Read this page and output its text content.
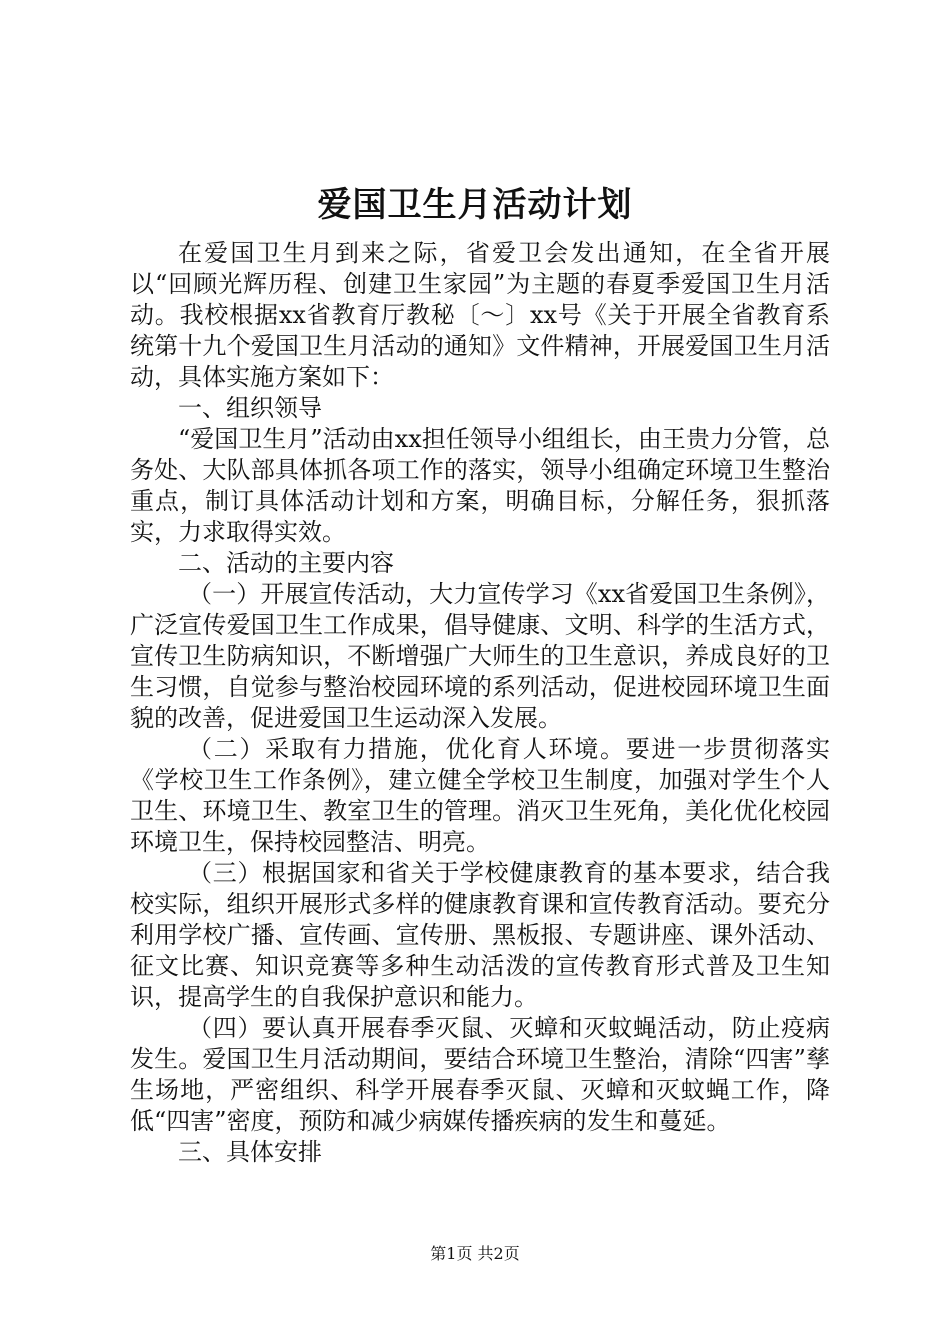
爱国卫生月活动计划

在爱国卫生月到来之际，省爱卫会发出通知，在全省开展以“回顾光辉历程、创建卫生家园”为主题的春夏季爱国卫生月活动。我校根据xx省教育厅教秘〔～〕xx号《关于开展全省教育系统第十九个爱国卫生月活动的通知》文件精神，开展爱国卫生月活动，具体实施方案如下：

一、组织领导

“爱国卫生月”活动由xx担任领导小组组长，由王贵力分管，总务处、大队部具体抓各项工作的落实，领导小组确定环境卫生整治重点，制订具体活动计划和方案，明确目标，分解任务，狠抓落实，力求取得实效。

二、活动的主要内容

（一）开展宣传活动，大力宣传学习《xx省爱国卫生条例》，广泛宣传爱国卫生工作成果，倡导健康、文明、科学的生活方式，宣传卫生防病知识，不断增强广大师生的卫生意识，养成良好的卫生习惯，自觉参与整治校园环境的系列活动，促进校园环境卫生面貌的改善，促进爱国卫生运动深入发展。

（二）采取有力措施，优化育人环境。要进一步贯彻落实《学校卫生工作条例》，建立健全学校卫生制度，加强对学生个人卫生、环境卫生、教室卫生的管理。消灭卫生死角，美化优化校园环境卫生，保持校园整洁、明亮。

（三）根据国家和省关于学校健康教育的基本要求，结合我校实际，组织开展形式多样的健康教育课和宣传教育活动。要充分利用学校广播、宣传画、宣传册、黑板报、专题讲座、课外活动、征文比赛、知识竞赛等多种生动活泼的宣传教育形式普及卫生知识，提高学生的自我保护意识和能力。

（四）要认真开展春季灭鼠、灭蟑和灭蚊蝇活动，防止疫病发生。爱国卫生月活动期间，要结合环境卫生整治，清除“四害”孳生场地，严密组织、科学开展春季灭鼠、灭蟑和灭蚊蝇工作，降低“四害”密度，预防和减少病媒传播疾病的发生和蔓延。

三、具体安排

第1页 共2页
